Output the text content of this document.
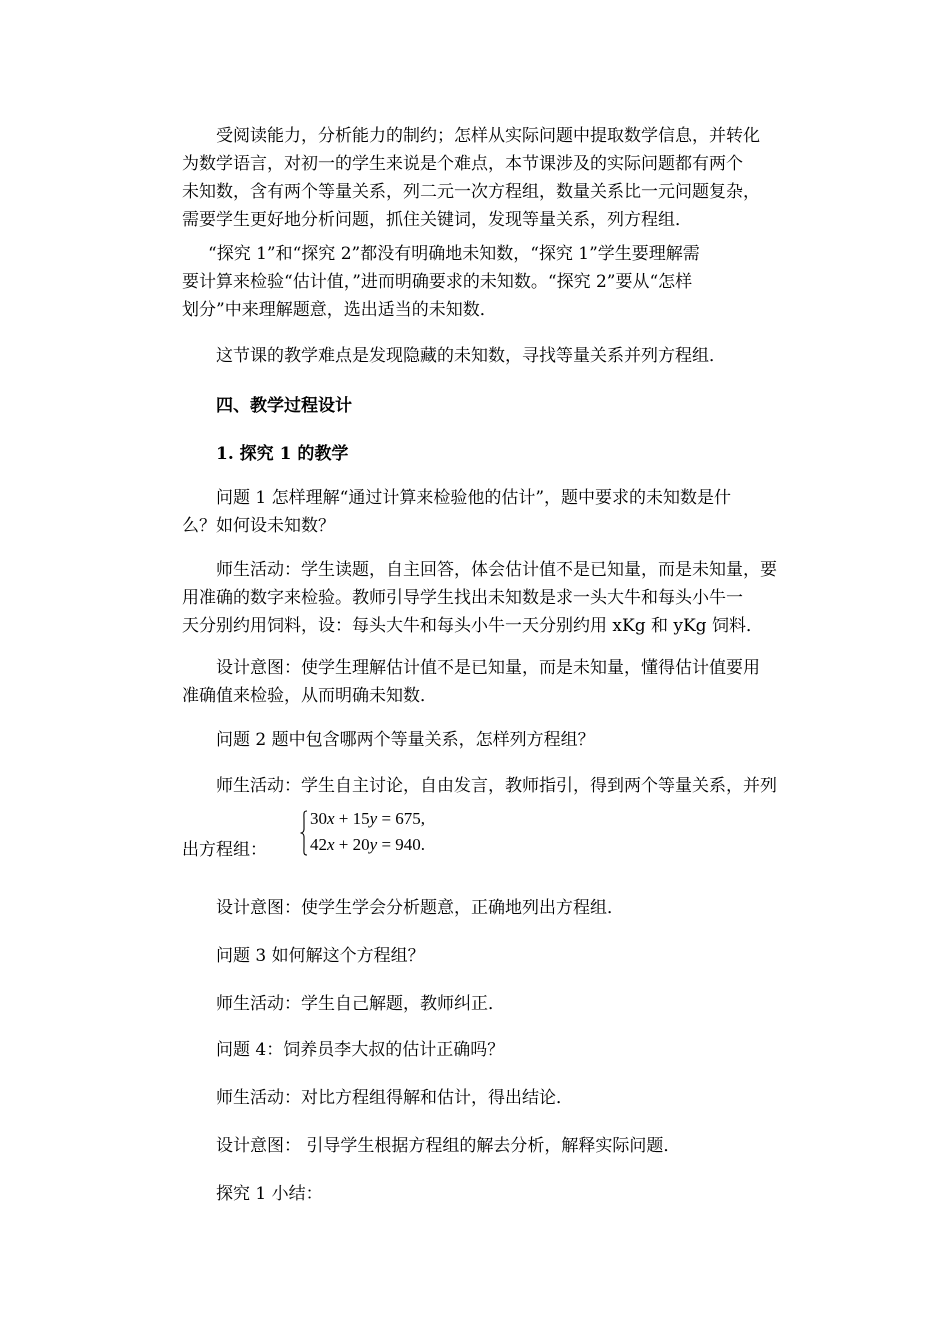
受阅读能力，分析能力的制约；怎样从实际问题中提取数学信息，并转化
为数学语言，对初一的学生来说是个难点，本节课涉及的实际问题都有两个
未知数，含有两个等量关系，列二元一次方程组，数量关系比一元问题复杂，
需要学生更好地分析问题，抓住关键词，发现等量关系，列方程组．

“探究 1”和“探究 2”都没有明确地未知数，“探究 1”学生要理解需
要计算来检验“估计值，”进而明确要求的未知数。“探究 2”要从“怎样
划分”中来理解题意，选出适当的未知数．

这节课的教学难点是发现隐藏的未知数，寻找等量关系并列方程组．

四、教学过程设计

1. 探究 1 的教学

问题 1 怎样理解“通过计算来检验他的估计”，题中要求的未知数是什
么？如何设未知数？

师生活动：学生读题，自主回答，体会估计值不是已知量，而是未知量，要
用准确的数字来检验。教师引导学生找出未知数是求一头大牛和每头小牛一
天分别约用饲料，设：每头大牛和每头小牛一天分别约用 xKg 和 yKg 饲料．

设计意图：使学生理解估计值不是已知量，而是未知量，懂得估计值要用
准确值来检验，从而明确未知数．

问题 2 题中包含哪两个等量关系，怎样列方程组？

师生活动：学生自主讨论，自由发言，教师指引，得到两个等量关系，并列

出方程组：

30x + 15y = 675,
42x + 20y = 940.

设计意图：使学生学会分析题意，正确地列出方程组．

问题 3 如何解这个方程组？

师生活动：学生自己解题，教师纠正．

问题 4：饲养员李大叔的估计正确吗？

师生活动：对比方程组得解和估计，得出结论．

设计意图： 引导学生根据方程组的解去分析，解释实际问题．

探究 1 小结：
